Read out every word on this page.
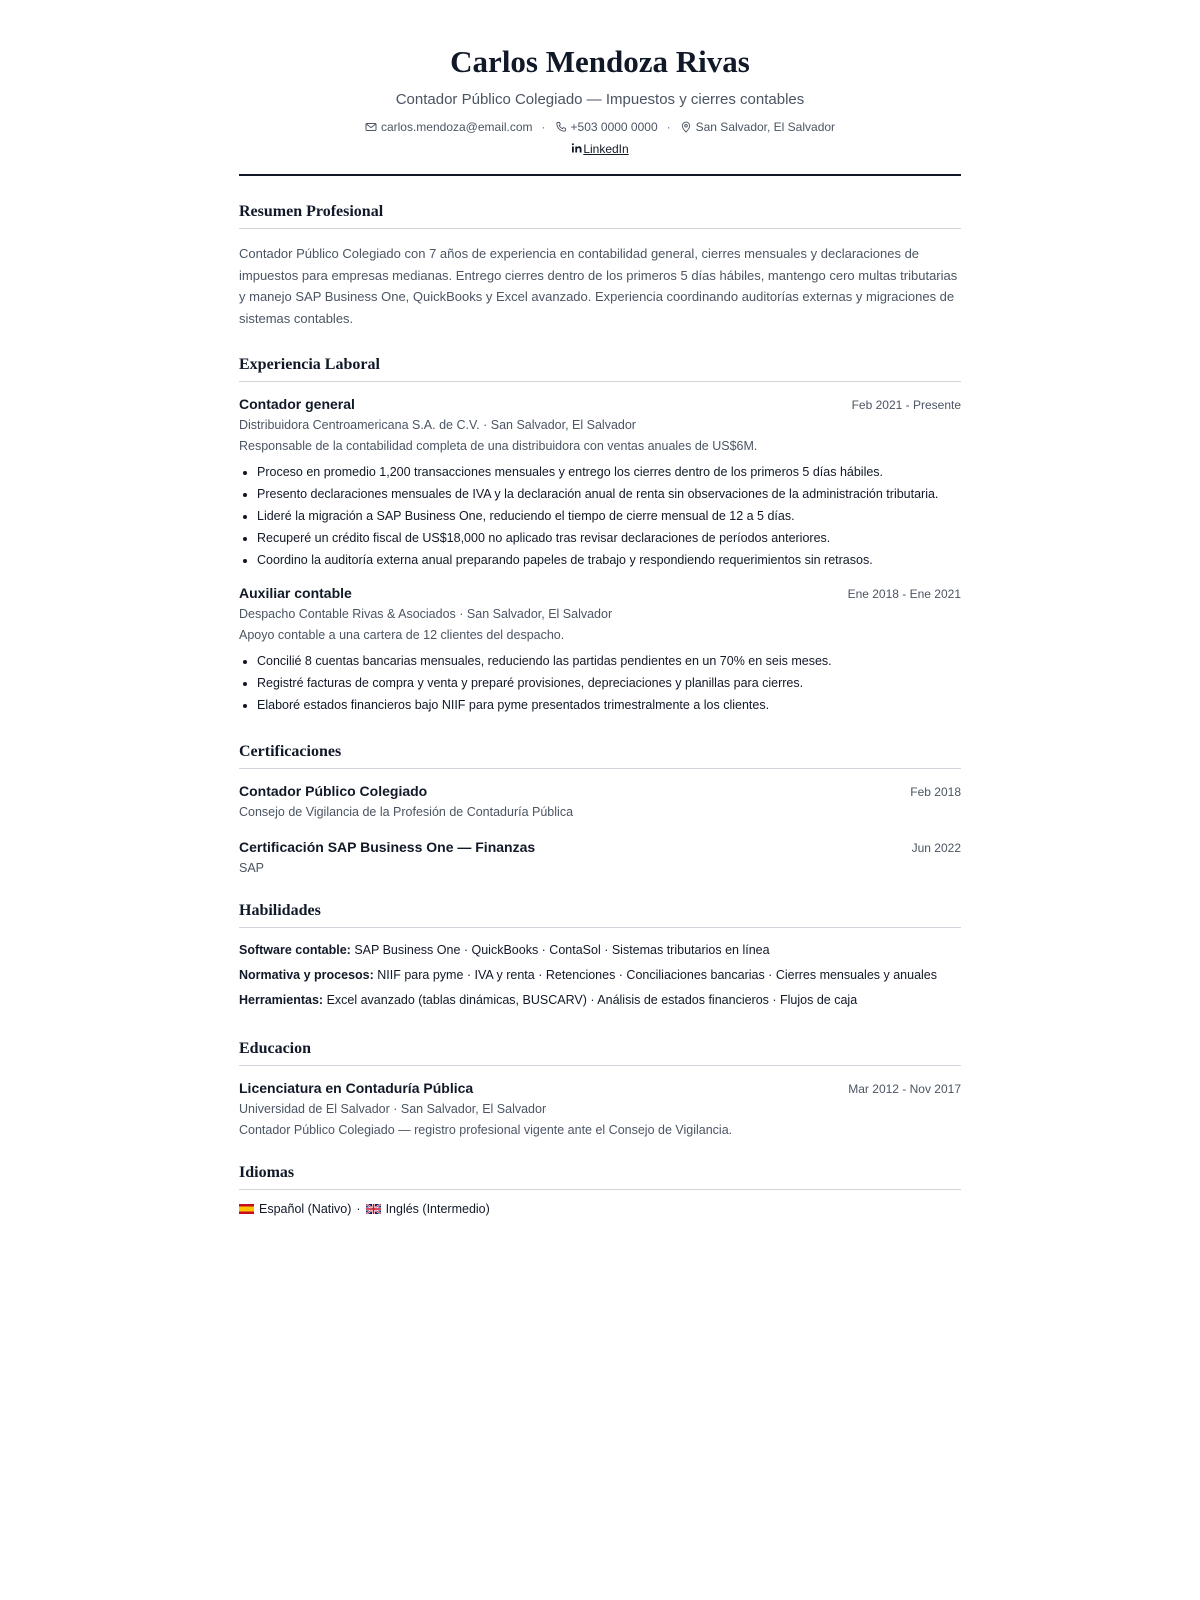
Carlos Mendoza Rivas
Contador Público Colegiado — Impuestos y cierres contables
carlos.mendoza@email.com · +503 0000 0000 · San Salvador, El Salvador
LinkedIn
Resumen Profesional

Contador Público Colegiado con 7 años de experiencia en contabilidad general, cierres mensuales y declaraciones de impuestos para empresas medianas. Entrego cierres dentro de los primeros 5 días hábiles, mantengo cero multas tributarias y manejo SAP Business One, QuickBooks y Excel avanzado. Experiencia coordinando auditorías externas y migraciones de sistemas contables.

Experiencia Laboral
Contador general	Feb 2021 - Presente
Distribuidora Centroamericana S.A. de C.V. · San Salvador, El Salvador
Responsable de la contabilidad completa de una distribuidora con ventas anuales de US$6M.
• Proceso en promedio 1,200 transacciones mensuales y entrego los cierres dentro de los primeros 5 días hábiles.
• Presento declaraciones mensuales de IVA y la declaración anual de renta sin observaciones de la administración tributaria.
• Lideré la migración a SAP Business One, reduciendo el tiempo de cierre mensual de 12 a 5 días.
• Recuperé un crédito fiscal de US$18,000 no aplicado tras revisar declaraciones de períodos anteriores.
• Coordino la auditoría externa anual preparando papeles de trabajo y respondiendo requerimientos sin retrasos.
Auxiliar contable	Ene 2018 - Ene 2021
Despacho Contable Rivas & Asociados · San Salvador, El Salvador
Apoyo contable a una cartera de 12 clientes del despacho.
• Concilié 8 cuentas bancarias mensuales, reduciendo las partidas pendientes en un 70% en seis meses.
• Registré facturas de compra y venta y preparé provisiones, depreciaciones y planillas para cierres.
• Elaboré estados financieros bajo NIIF para pyme presentados trimestralmente a los clientes.
Certificaciones
Contador Público Colegiado	Feb 2018
Consejo de Vigilancia de la Profesión de Contaduría Pública
Certificación SAP Business One — Finanzas	Jun 2022
SAP
Habilidades
Software contable: SAP Business One · QuickBooks · ContaSol · Sistemas tributarios en línea
Normativa y procesos: NIIF para pyme · IVA y renta · Retenciones · Conciliaciones bancarias · Cierres mensuales y anuales
Herramientas: Excel avanzado (tablas dinámicas, BUSCARV) · Análisis de estados financieros · Flujos de caja
Educacion
Licenciatura en Contaduría Pública	Mar 2012 - Nov 2017
Universidad de El Salvador · San Salvador, El Salvador
Contador Público Colegiado — registro profesional vigente ante el Consejo de Vigilancia.
Idiomas
Español (Nativo) · Inglés (Intermedio)
